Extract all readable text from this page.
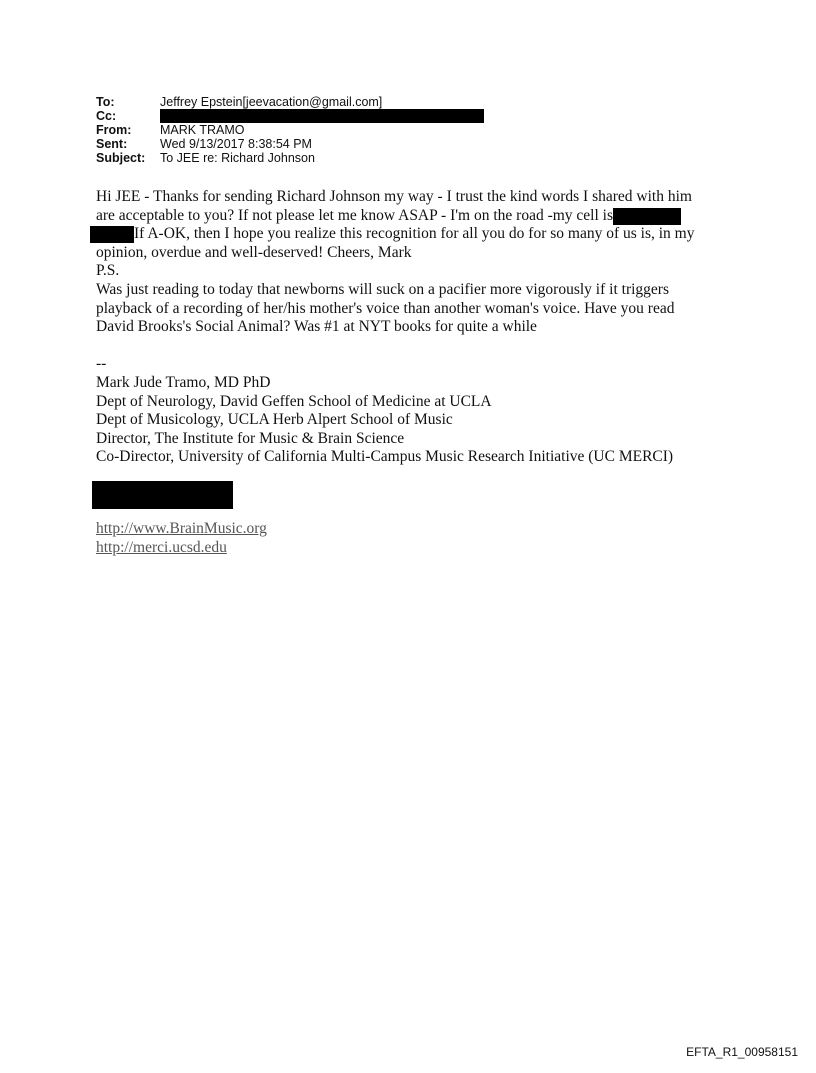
To:	Jeffrey Epstein[jeevacation@gmail.com]
Cc:
From: MARK TRAMO
Sent:	Wed 9/13/2017 8:38:54 PM
Subject: To JEE re: Richard Johnson
Hi JEE - Thanks for sending Richard Johnson my way - I trust the kind words I shared with him
are acceptable to you? If not please let me know ASAP - I'm on the road -my cell is
If A-OK, then I hope you realize this recognition for all you do for so many of us is, in my
opinion, overdue and well-deserved! Cheers, Mark
P.S.
Was just reading to today that newborns will suck on a pacifier more vigorously if it triggers
playback of a recording of her/his mother's voice than another woman's voice. Have you read
David Brooks's Social Animal? Was #1 at NYT books for quite a while
--
Mark Jude Tramo, MD PhD
Dept of Neurology, David Geffen School of Medicine at UCLA
Dept of Musicology, UCLA Herb Alpert School of Music
Director, The Institute for Music & Brain Science
Co-Director, University of California Multi-Campus Music Research Initiative (UC MERCI)
http://www.BrainMusic.org
http://merci.ucsd.edu
EFTA_R1_00958151
